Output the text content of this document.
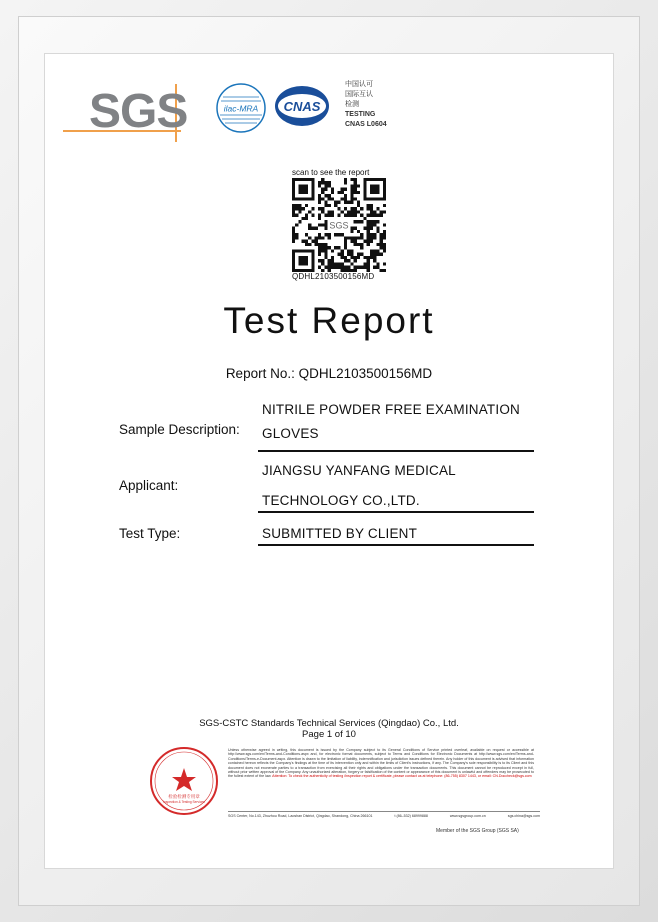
SGS	ilac-MRA CNAS
中国认可
国际互认
检测
TESTING
CNAS L0604
scan to see the report
SGS
QDHL2103500156MD
Test Report
Report No.: QDHL2103500156MD
Sample Description:
NITRILE POWDER FREE EXAMINATION
GLOVES
Applicant:
JIANGSU YANFANG MEDICAL
TECHNOLOGY CO.,LTD.
Test Type:	SUBMITTED BY CLIENT
SGS-CSTC Standards Technical Services (Qingdao) Co., Ltd.
Page 1 of 10
检验检测专用章
Inspection & Testing Services
Unless otherwise agreed in writing, this document is issued by the Company subject to its General Conditions of Service printed overleaf, available on request or accessible at http://www.sgs.com/en/Terms-and-Conditions.aspx and, for electronic format documents, subject to Terms and Conditions for Electronic Documents at http://www.sgs.com/en/Terms-and-Conditions/Terms-e-Document.aspx. Attention is drawn to the limitation of liability, indemnification and jurisdiction issues defined therein. Any holder of this document is advised that information contained hereon reflects the Company's findings at the time of its intervention only and within the limits of Client's instructions, if any. The Company's sole responsibility is to its Client and this document does not exonerate parties to a transaction from exercising all their rights and obligations under the transaction documents. This document cannot be reproduced except in full, without prior written approval of the Company. Any unauthorized alteration, forgery or falsification of the content or appearance of this document is unlawful and offenders may be prosecuted to the fullest extent of the law. Attention: To check the authenticity of testing /inspection report & certificate, please contact us at telephone: (86-755) 8307 1443, or email: CN.Doccheck@sgs.com
SGS Center, No.143, Zhuzhou Road, Laoshan District, Qingdao, Shandong, China 266101	t (86–532) 68999888	www.sgsgroup.com.cn	sgs.china@sgs.com
Member of the SGS Group (SGS SA)
